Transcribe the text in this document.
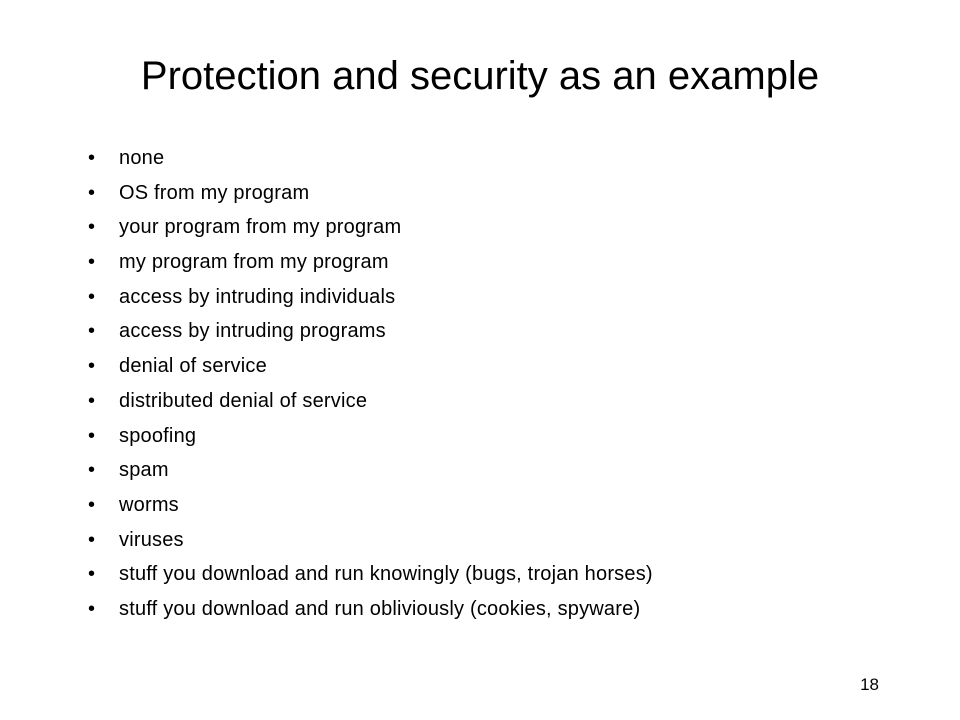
Protection and security as an example
•	none
•	OS from my program
•	your program from my program
•	my program from my program
•	access by intruding individuals
•	access by intruding programs
•	denial of service
•	distributed denial of service
•	spoofing
•	spam
•	worms
•	viruses
•	stuff you download and run knowingly (bugs, trojan horses)
•	stuff you download and run obliviously (cookies, spyware)
18
